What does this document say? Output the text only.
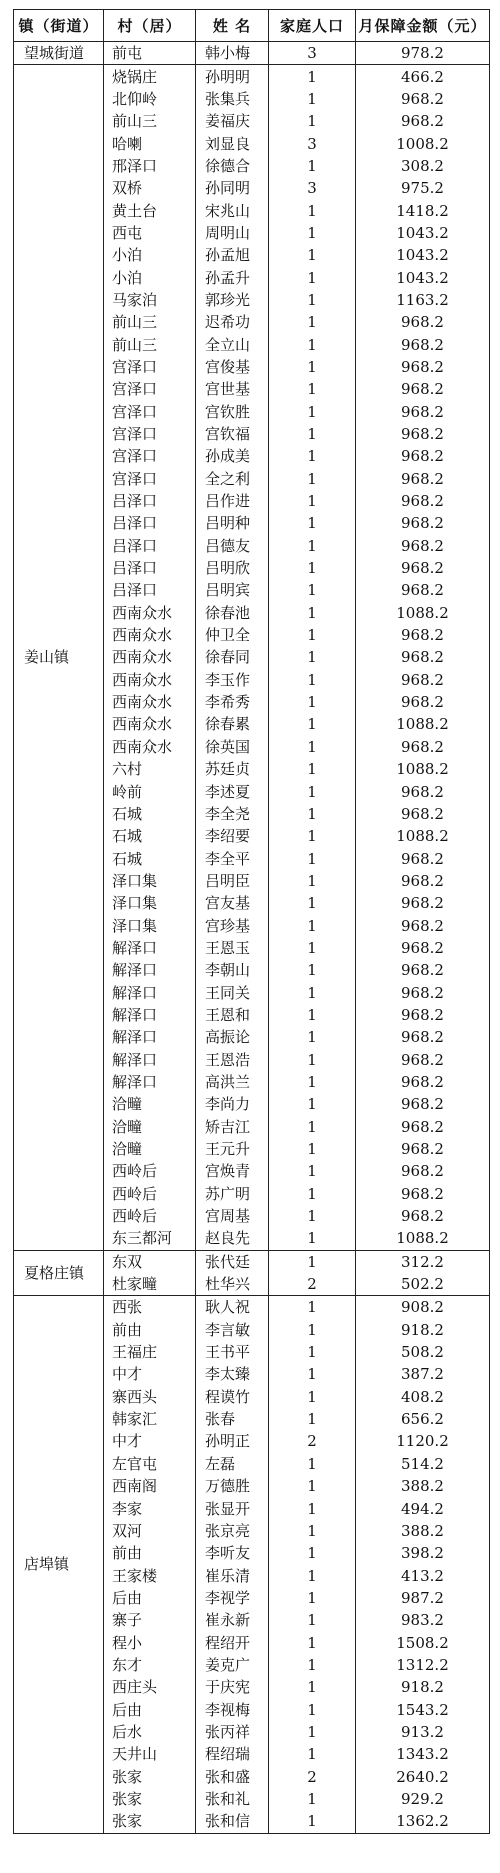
镇（街道）	村（居）	姓 名	家庭人口	月保障金额（元）
望城街道	前屯	韩小梅	3	978.2
姜山镇	烧锅庄	孙明明	1	466.2
	北仰岭	张集兵	1	968.2
	前山三	姜福庆	1	968.2
	哈喇	刘显良	3	1008.2
	邢泽口	徐德合	1	308.2
	双桥	孙同明	3	975.2
	黄土台	宋兆山	1	1418.2
	西屯	周明山	1	1043.2
	小泊	孙孟旭	1	1043.2
	小泊	孙孟升	1	1043.2
	马家泊	郭珍光	1	1163.2
	前山三	迟希功	1	968.2
	前山三	全立山	1	968.2
	宫泽口	宫俊基	1	968.2
	宫泽口	宫世基	1	968.2
	宫泽口	宫钦胜	1	968.2
	宫泽口	宫钦福	1	968.2
	宫泽口	孙成美	1	968.2
	宫泽口	全之利	1	968.2
	吕泽口	吕作进	1	968.2
	吕泽口	吕明种	1	968.2
	吕泽口	吕德友	1	968.2
	吕泽口	吕明欣	1	968.2
	吕泽口	吕明宾	1	968.2
	西南众水	徐春池	1	1088.2
	西南众水	仲卫全	1	968.2
	西南众水	徐春同	1	968.2
	西南众水	李玉作	1	968.2
	西南众水	李希秀	1	968.2
	西南众水	徐春累	1	1088.2
	西南众水	徐英国	1	968.2
	六村	苏廷贞	1	1088.2
	岭前	李述夏	1	968.2
	石城	李全尧	1	968.2
	石城	李绍要	1	1088.2
	石城	李全平	1	968.2
	泽口集	吕明臣	1	968.2
	泽口集	宫友基	1	968.2
	泽口集	宫珍基	1	968.2
	解泽口	王恩玉	1	968.2
	解泽口	李朝山	1	968.2
	解泽口	王同关	1	968.2
	解泽口	王恩和	1	968.2
	解泽口	高振论	1	968.2
	解泽口	王恩浩	1	968.2
	解泽口	高洪兰	1	968.2
	洽疃	李尚力	1	968.2
	洽疃	矫吉江	1	968.2
	洽疃	王元升	1	968.2
	西岭后	宫焕青	1	968.2
	西岭后	苏广明	1	968.2
	西岭后	宫周基	1	968.2
	东三都河	赵良先	1	1088.2
夏格庄镇	东双	张代廷	1	312.2
	杜家疃	杜华兴	2	502.2
店埠镇	西张	耿人祝	1	908.2
	前由	李言敏	1	918.2
	王福庄	王书平	1	508.2
	中才	李太臻	1	387.2
	寨西头	程谟竹	1	408.2
	韩家汇	张春	1	656.2
	中才	孙明正	2	1120.2
	左官屯	左磊	1	514.2
	西南阁	万德胜	1	388.2
	李家	张显开	1	494.2
	双河	张京亮	1	388.2
	前由	李听友	1	398.2
	王家楼	崔乐清	1	413.2
	后由	李视学	1	987.2
	寨子	崔永新	1	983.2
	程小	程绍开	1	1508.2
	东才	姜克广	1	1312.2
	西庄头	于庆宪	1	918.2
	后由	李视梅	1	1543.2
	后水	张丙祥	1	913.2
	天井山	程绍瑞	1	1343.2
	张家	张和盛	2	2640.2
	张家	张和礼	1	929.2
	张家	张和信	1	1362.2
